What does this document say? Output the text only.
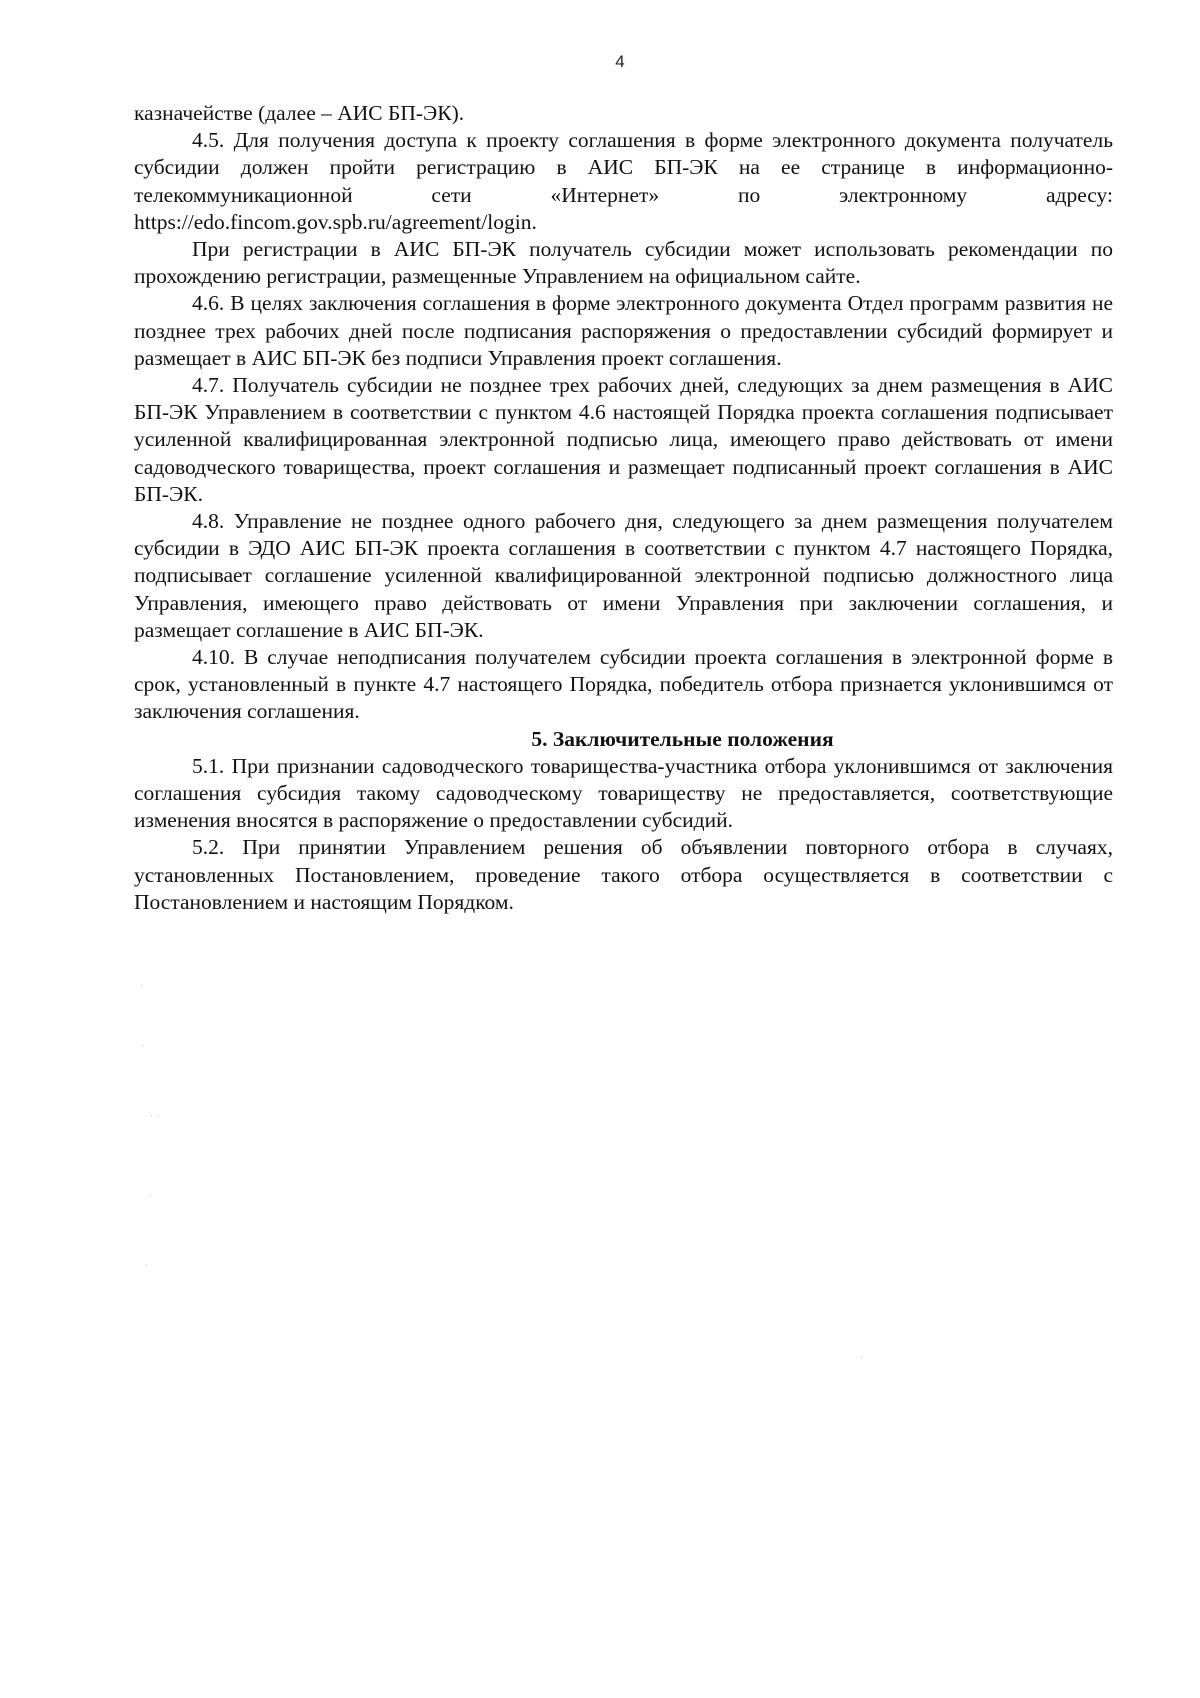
4

казначействе (далее – АИС БП-ЭК).

4.5. Для получения доступа к проекту соглашения в форме электронного документа получатель субсидии должен пройти регистрацию в АИС БП-ЭК на ее странице в информационно-телекоммуникационной сети «Интернет» по электронному адресу: https://edo.fincom.gov.spb.ru/agreement/login.

При регистрации в АИС БП-ЭК получатель субсидии может использовать рекомендации по прохождению регистрации, размещенные Управлением на официальном сайте.

4.6. В целях заключения соглашения в форме электронного документа Отдел программ развития не позднее трех рабочих дней после подписания распоряжения о предоставлении субсидий формирует и размещает в АИС БП-ЭК без подписи Управления проект соглашения.

4.7. Получатель субсидии не позднее трех рабочих дней, следующих за днем размещения в АИС БП-ЭК Управлением в соответствии с пунктом 4.6 настоящей Порядка проекта соглашения подписывает усиленной квалифицированная электронной подписью лица, имеющего право действовать от имени садоводческого товарищества, проект соглашения и размещает подписанный проект соглашения в АИС БП-ЭК.

4.8. Управление не позднее одного рабочего дня, следующего за днем размещения получателем субсидии в ЭДО АИС БП-ЭК проекта соглашения в соответствии с пунктом 4.7 настоящего Порядка, подписывает соглашение усиленной квалифицированной электронной подписью должностного лица Управления, имеющего право действовать от имени Управления при заключении соглашения, и размещает соглашение в АИС БП-ЭК.

4.10. В случае неподписания получателем субсидии проекта соглашения в электронной форме в срок, установленный в пункте 4.7 настоящего Порядка, победитель отбора признается уклонившимся от заключения соглашения.

5. Заключительные положения

5.1. При признании садоводческого товарищества-участника отбора уклонившимся от заключения соглашения субсидия такому садоводческому товариществу не предоставляется, соответствующие изменения вносятся в распоряжение о предоставлении субсидий.

5.2. При принятии Управлением решения об объявлении повторного отбора в случаях, установленных Постановлением, проведение такого отбора осуществляется в соответствии с Постановлением и настоящим Порядком.

·
·
· ·
·
·
·
